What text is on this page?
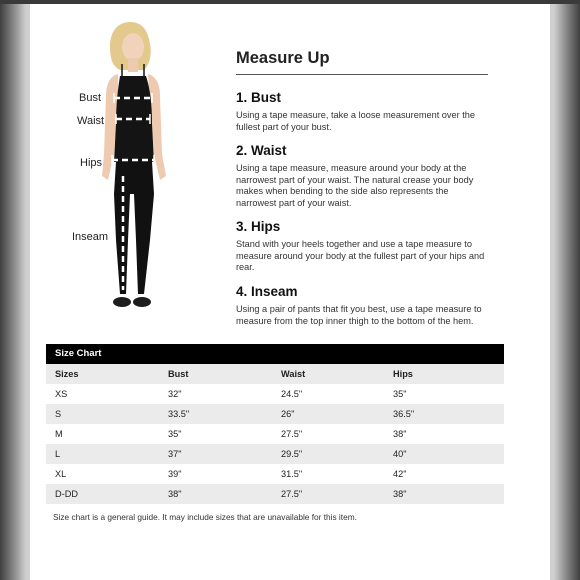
Bust
Waist
Hips
Inseam
Measure Up
1. Bust
Using a tape measure, take a loose measurement over the fullest part of your bust.
2. Waist
Using a tape measure, measure around your body at the narrowest part of your waist. The natural crease your body makes when bending to the side also represents the narrowest part of your waist.
3. Hips
Stand with your heels together and use a tape measure to measure around your body at the fullest part of your hips and rear.
4. Inseam
Using a pair of pants that fit you best, use a tape measure to measure from the top inner thigh to the bottom of the hem.
Size Chart
Sizes	Bust	Waist	Hips
XS	32"	24.5"	35"
S	33.5"	26"	36.5"
M	35"	27.5"	38"
L	37"	29.5"	40"
XL	39"	31.5"	42"
D-DD	38"	27.5"	38"
Size chart is a general guide. It may include sizes that are unavailable for this item.
